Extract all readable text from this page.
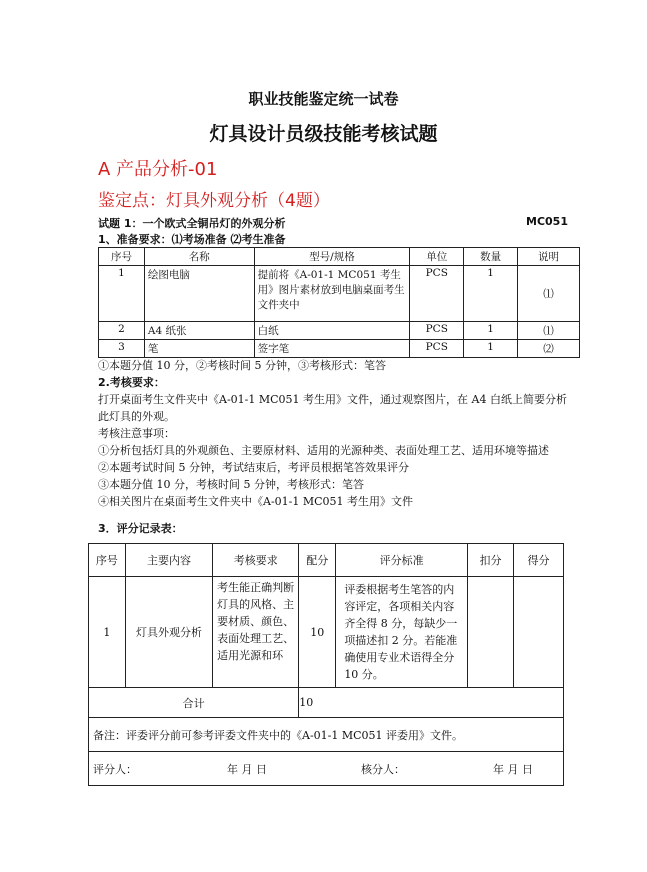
职业技能鉴定统一试卷
灯具设计员级技能考核试题
A 产品分析-01
鉴定点：灯具外观分析（4题）
试题 1：一个欧式全铜吊灯的外观分析	MC051
1、准备要求：⑴考场准备 ⑵考生准备
序号	名称	型号/规格	单位	数量	说明
1	绘图电脑	提前将《A-01-1 MC051 考生用》图片素材放到电脑桌面考生文件夹中	PCS	1	⑴
2	A4 纸张	白纸	PCS	1	⑴
3	笔	签字笔	PCS	1	⑵
①本题分值 10 分，②考核时间 5 分钟，③考核形式：笔答
2.考核要求：
打开桌面考生文件夹中《A-01-1 MC051 考生用》文件，通过观察图片，在 A4 白纸上简要分析此灯具的外观。
考核注意事项：
①分析包括灯具的外观颜色、主要原材料、适用的光源种类、表面处理工艺、适用环境等描述
②本题考试时间 5 分钟，考试结束后，考评员根据笔答效果评分
③本题分值 10 分，考核时间 5 分钟，考核形式：笔答
④相关图片在桌面考生文件夹中《A-01-1 MC051 考生用》文件
3．评分记录表：
序号	主要内容	考核要求	配分	评分标准	扣分	得分
1	灯具外观分析	考生能正确判断灯具的风格、主要材质、颜色、表面处理工艺、适用光源和环	10	评委根据考生笔答的内容评定，各项相关内容齐全得 8 分，每缺少一项描述扣 2 分。若能准确使用专业术语得全分 10 分。		
合计			10			
备注：评委评分前可参考评委文件夹中的《A-01-1 MC051 评委用》文件。						
评分人： 年 月 日 核分人： 年 月 日						
